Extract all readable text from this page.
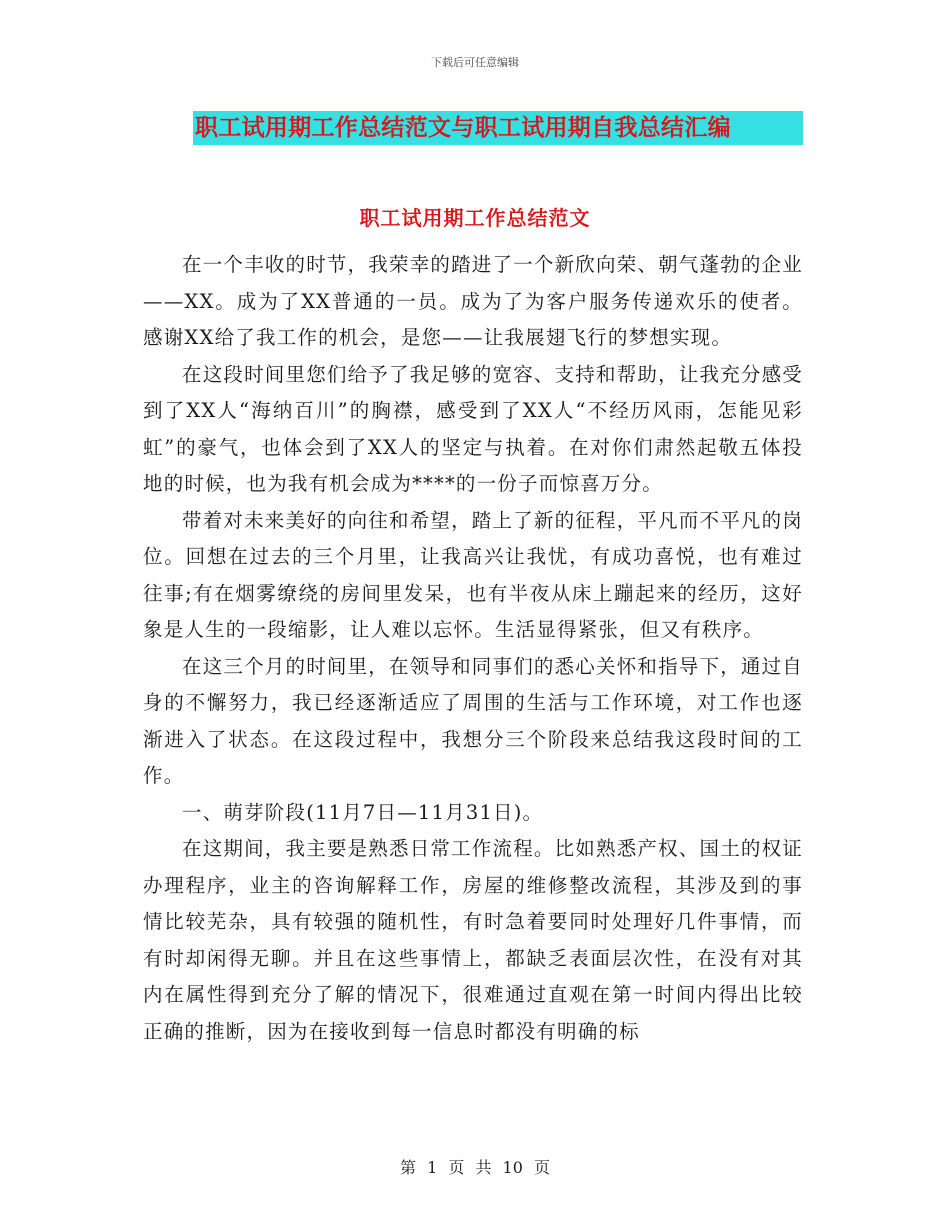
下载后可任意编辑
职工试用期工作总结范文与职工试用期自我总结汇编
职工试用期工作总结范文

在一个丰收的时节，我荣幸的踏进了一个新欣向荣、朝气蓬勃的企业——XX。成为了XX普通的一员。成为了为客户服务传递欢乐的使者。感谢XX给了我工作的机会，是您——让我展翅飞行的梦想实现。

在这段时间里您们给予了我足够的宽容、支持和帮助，让我充分感受到了XX人“海纳百川”的胸襟，感受到了XX人“不经历风雨，怎能见彩虹”的豪气，也体会到了XX人的坚定与执着。在对你们肃然起敬五体投地的时候，也为我有机会成为****的一份子而惊喜万分。

带着对未来美好的向往和希望，踏上了新的征程，平凡而不平凡的岗位。回想在过去的三个月里，让我高兴让我忧，有成功喜悦，也有难过往事;有在烟雾缭绕的房间里发呆，也有半夜从床上蹦起来的经历，这好象是人生的一段缩影，让人难以忘怀。生活显得紧张，但又有秩序。

在这三个月的时间里，在领导和同事们的悉心关怀和指导下，通过自身的不懈努力，我已经逐渐适应了周围的生活与工作环境，对工作也逐渐进入了状态。在这段过程中，我想分三个阶段来总结我这段时间的工作。

一、萌芽阶段(11月7日—11月31日)。

在这期间，我主要是熟悉日常工作流程。比如熟悉产权、国土的权证办理程序，业主的咨询解释工作，房屋的维修整改流程，其涉及到的事情比较芜杂，具有较强的随机性，有时急着要同时处理好几件事情，而有时却闲得无聊。并且在这些事情上，都缺乏表面层次性，在没有对其内在属性得到充分了解的情况下，很难通过直观在第一时间内得出比较正确的推断，因为在接收到每一信息时都没有明确的标

第 1 页 共 10 页
